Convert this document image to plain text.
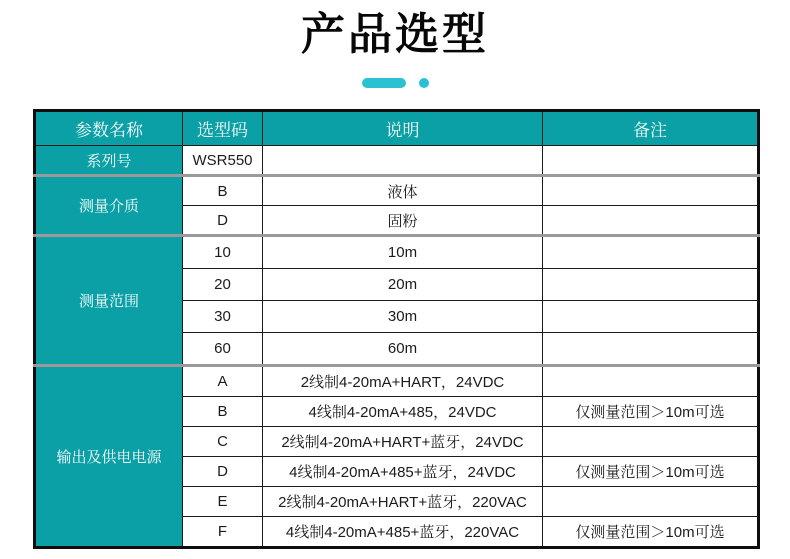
产品选型
参数名称	选型码	说明	备注
系列号	WSR550		
测量介质	B	液体	
	D	固粉	
测量范围	10	10m	
	20	20m	
	30	30m	
	60	60m	
输出及供电电源	A	2线制4-20mA+HART，24VDC	
	B	4线制4-20mA+485，24VDC	仅测量范围＞10m可选
	C	2线制4-20mA+HART+蓝牙，24VDC	
	D	4线制4-20mA+485+蓝牙，24VDC	仅测量范围＞10m可选
	E	2线制4-20mA+HART+蓝牙，220VAC	
	F	4线制4-20mA+485+蓝牙，220VAC	仅测量范围＞10m可选
